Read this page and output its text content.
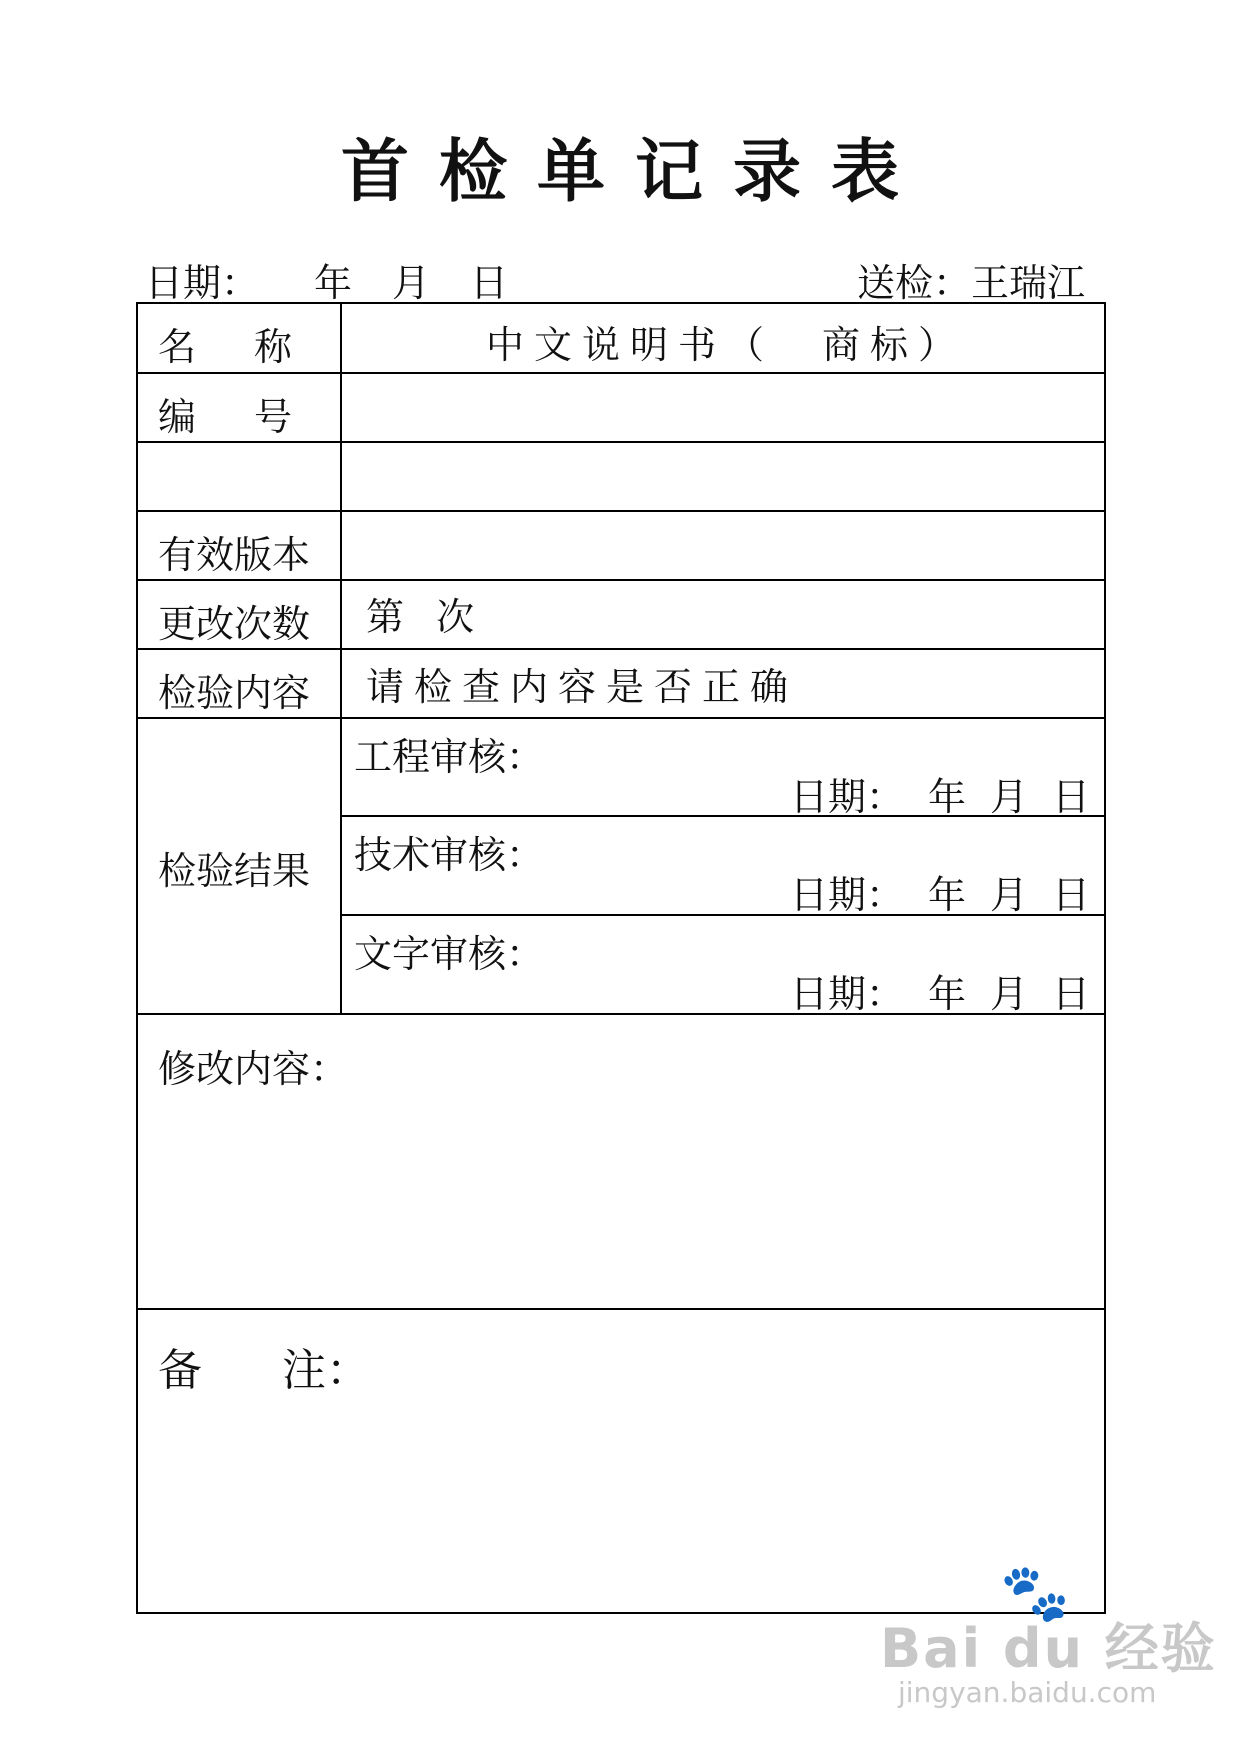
首检单记录表
日期： 年 月 日	送检：王瑞江
名称	中文说明书（　商标）
编号
有效版本
更改次数 第 次
检验内容 请检查内容是否正确
检验结果
工程审核：
日期： 年 月 日
技术审核：
日期： 年 月 日
文字审核：
日期： 年 月 日
修改内容：
备 注：
🐾
Bai du 经验
jingyan.baidu.com
